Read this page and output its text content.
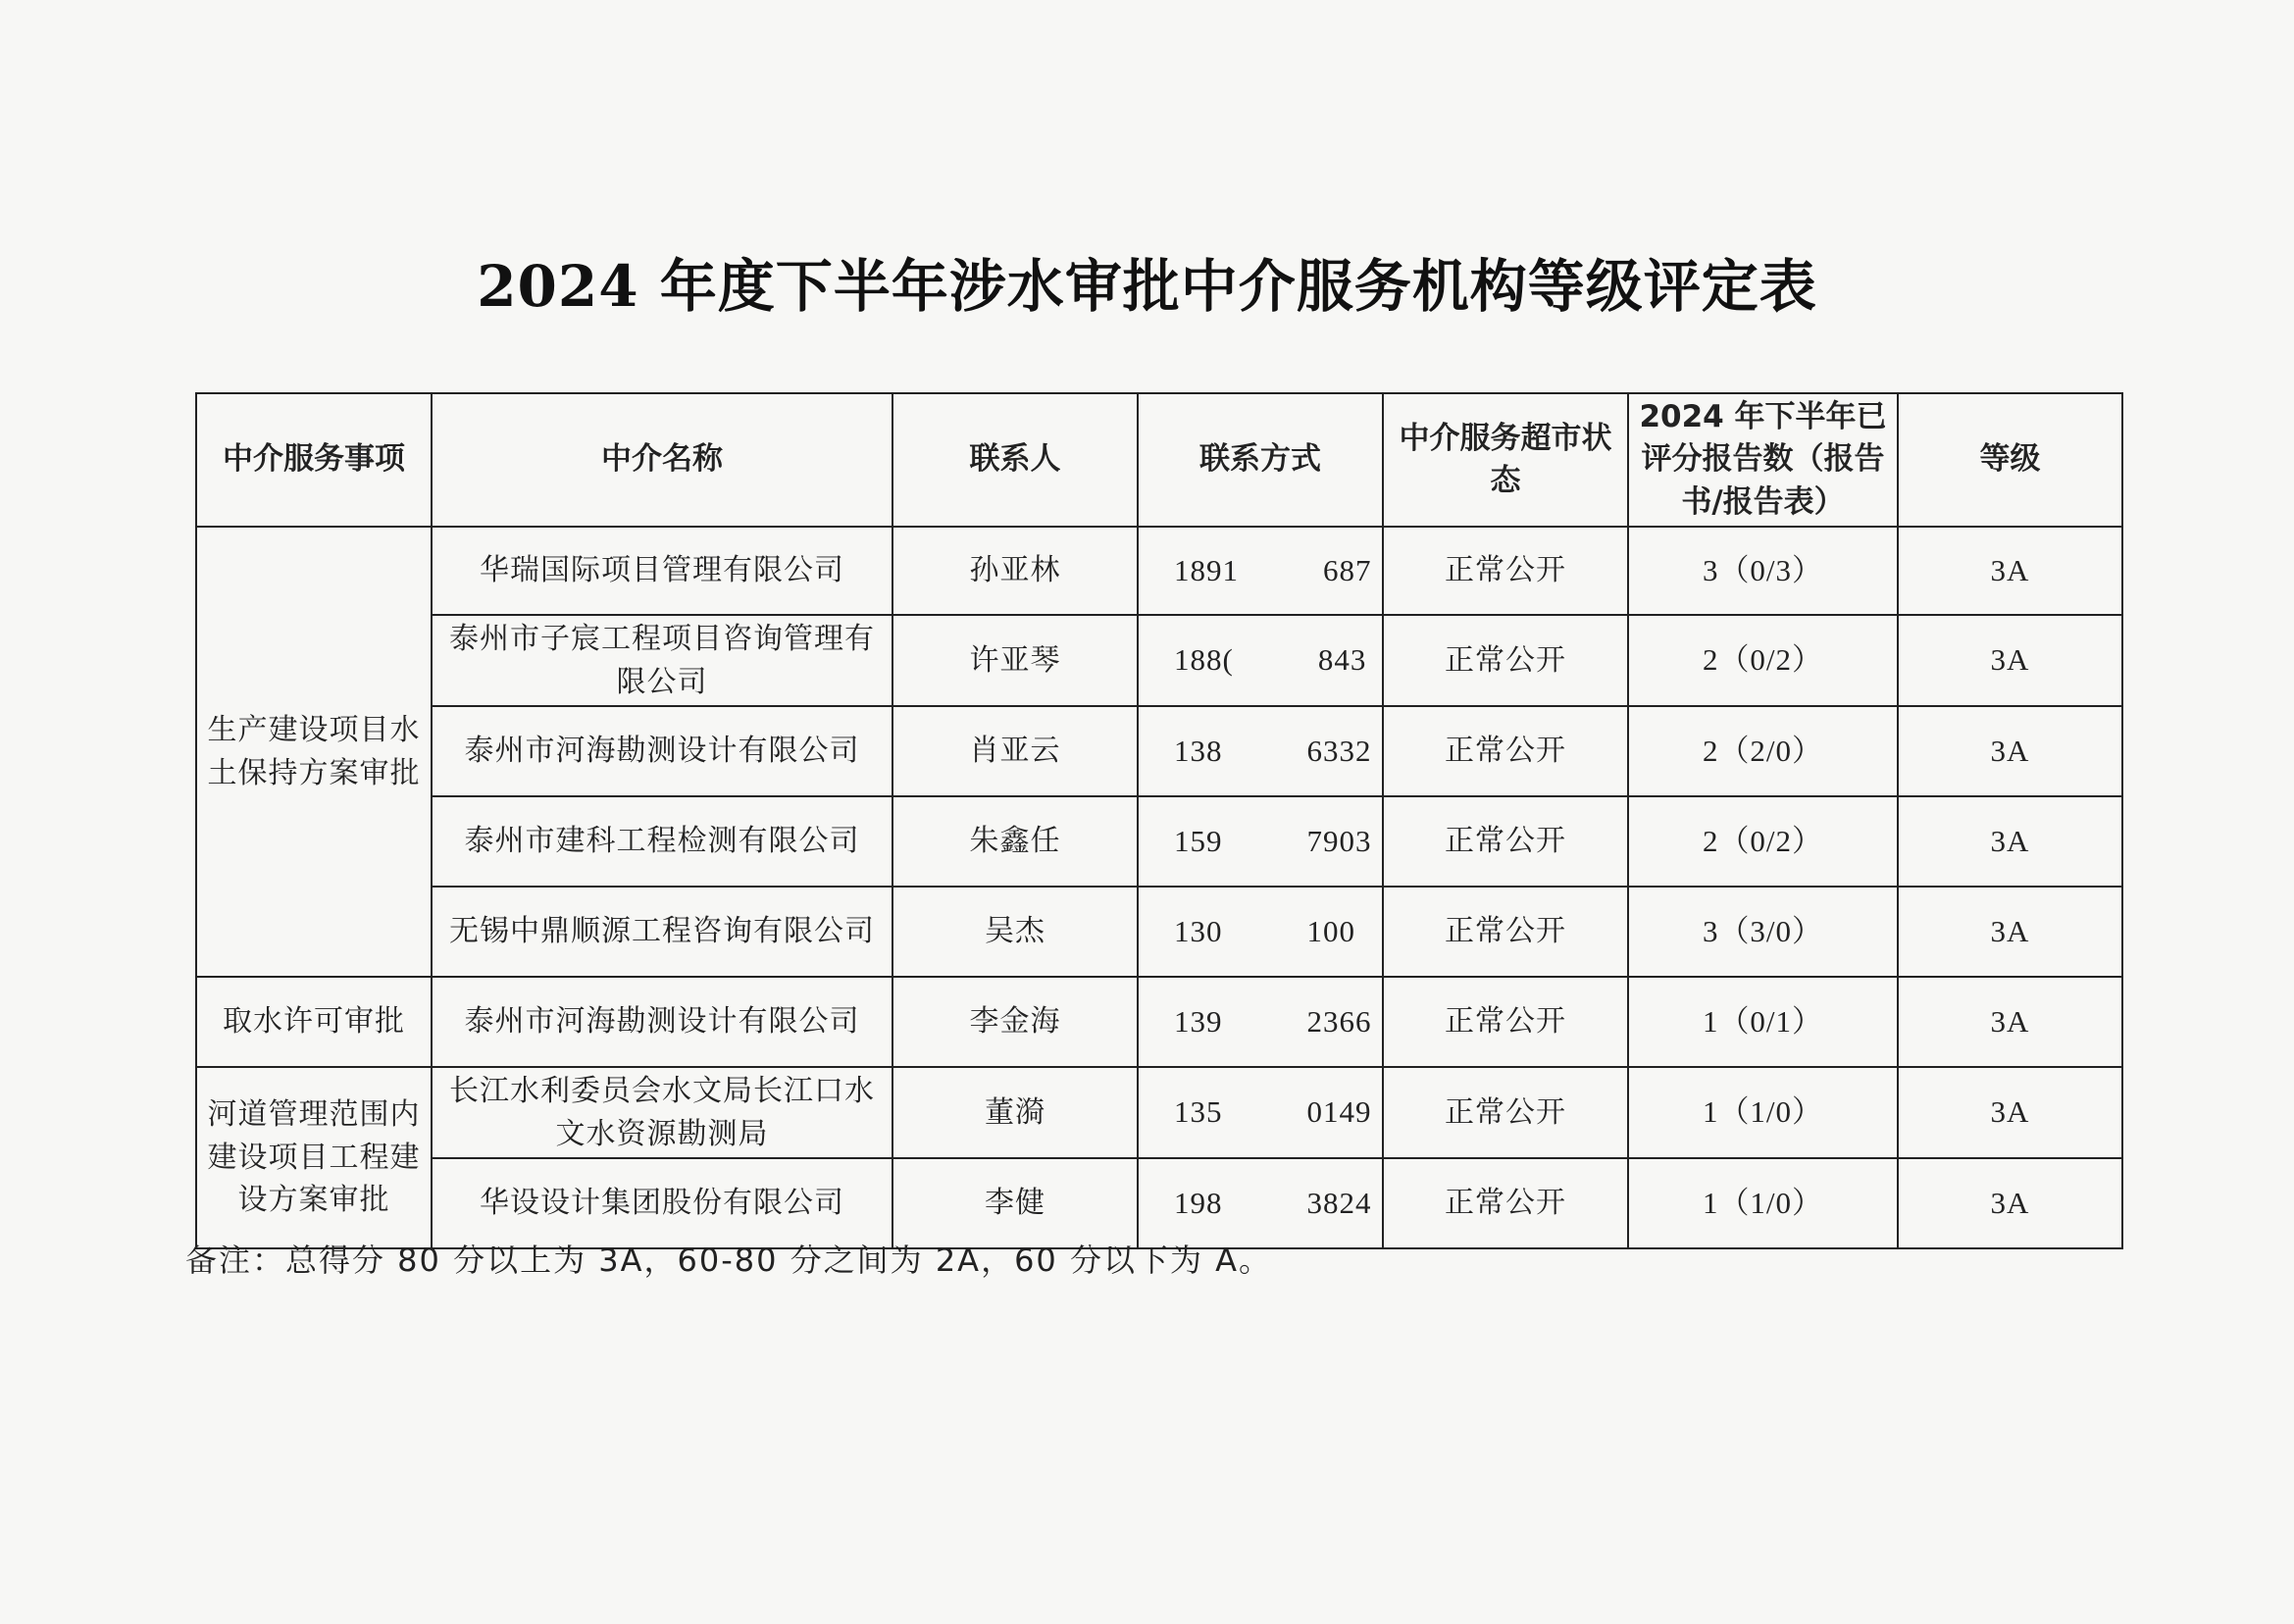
2024 年度下半年涉水审批中介服务机构等级评定表
中介服务事项	中介名称	联系人	联系方式	中介服务超市状态	2024 年下半年已评分报告数（报告书/报告表）	等级
生产建设项目水土保持方案审批	华瑞国际项目管理有限公司	孙亚林	1891 687	正常公开	3（0/3）	3A
	泰州市子宸工程项目咨询管理有限公司	许亚琴	188( 843	正常公开	2（0/2）	3A
	泰州市河海勘测设计有限公司	肖亚云	138 6332	正常公开	2（2/0）	3A
	泰州市建科工程检测有限公司	朱鑫任	159 7903	正常公开	2（0/2）	3A
	无锡中鼎顺源工程咨询有限公司	吴杰	130 100	正常公开	3（3/0）	3A
取水许可审批	泰州市河海勘测设计有限公司	李金海	139 2366	正常公开	1（0/1）	3A
河道管理范围内建设项目工程建设方案审批	长江水利委员会水文局长江口水文水资源勘测局	董漪	135 0149	正常公开	1（1/0）	3A
	华设设计集团股份有限公司	李健	198 3824	正常公开	1（1/0）	3A
备注：总得分 80 分以上为 3A，60-80 分之间为 2A，60 分以下为 A。
